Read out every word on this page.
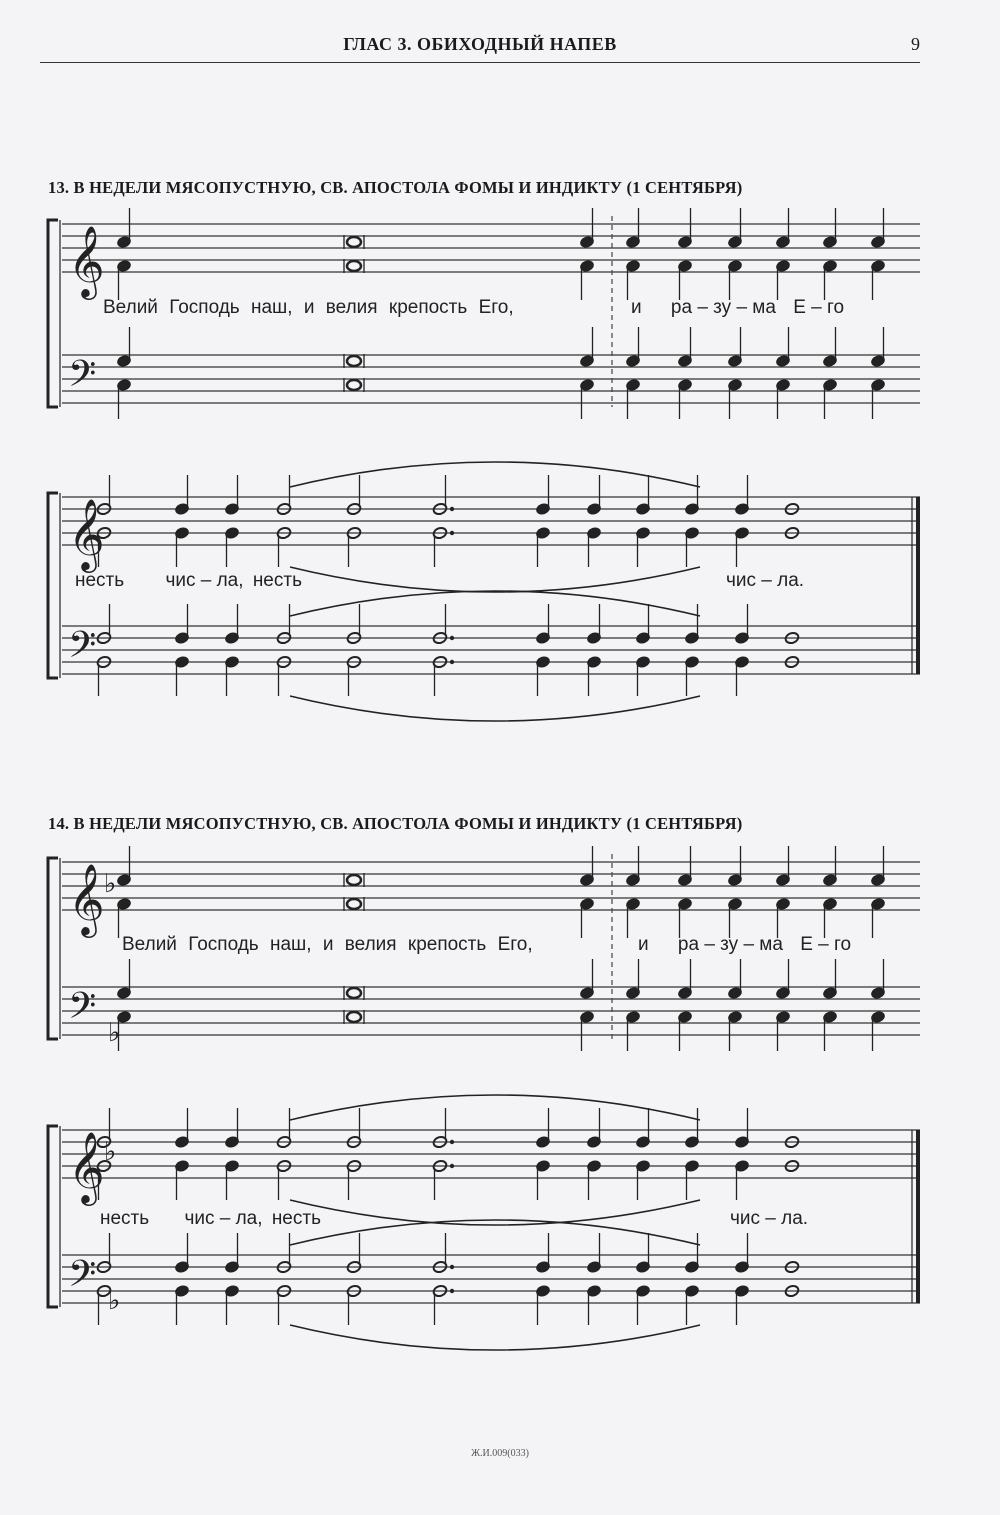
ГЛАС 3. ОБИХОДНЫЙ НАПЕВ	9
13. В НЕДЕЛИ МЯСОПУСТНУЮ, СВ. АПОСТОЛА ФОМЫ И ИНДИКТУ (1 СЕНТЯБРЯ)
𝄞
𝄢
𝄞
𝄢
𝄞
𝄢
♭
♭
𝄞
𝄢
♭
♭
Велий Господь наш, и велия крепость Его,	и ра – зу – ма Е – го
несть чис – ла, несть	чис – ла.
14. В НЕДЕЛИ МЯСОПУСТНУЮ, СВ. АПОСТОЛА ФОМЫ И ИНДИКТУ (1 СЕНТЯБРЯ)
Велий Господь наш, и велия крепость Его,	и ра – зу – ма Е – го
несть чис – ла, несть	чис – ла.
Ж.И.009(033)
